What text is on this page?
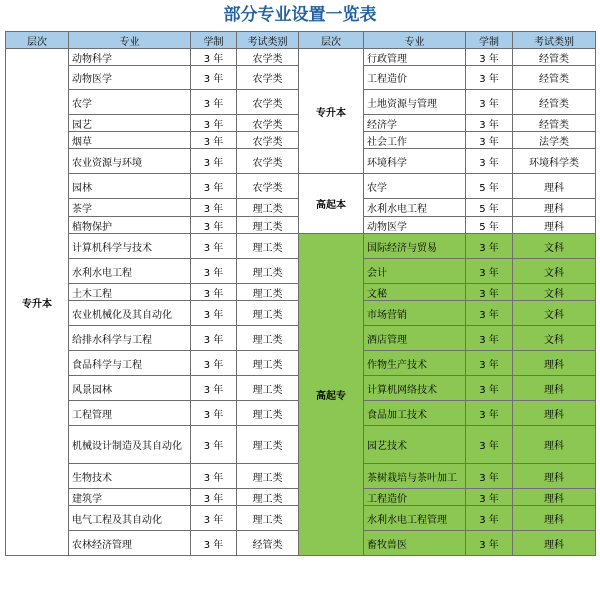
部分专业设置一览表
层次	专业	学制	考试类别	层次	专业	学制	考试类别
专升本	动物科学	3 年	农学类	专升本	行政管理	3 年	经管类
	动物医学	3 年	农学类		工程造价	3 年	经管类
	农学	3 年	农学类		土地资源与管理	3 年	经管类
	园艺	3 年	农学类		经济学	3 年	经管类
	烟草	3 年	农学类		社会工作	3 年	法学类
	农业资源与环境	3 年	农学类		环境科学	3 年	环境科学类
	园林	3 年	农学类	高起本	农学	5 年	理科
	茶学	3 年	理工类		水利水电工程	5 年	理科
	植物保护	3 年	理工类		动物医学	5 年	理科
	计算机科学与技术	3 年	理工类	高起专	国际经济与贸易	3 年	文科
	水利水电工程	3 年	理工类		会计	3 年	文科
	土木工程	3 年	理工类		文秘	3 年	文科
	农业机械化及其自动化	3 年	理工类		市场营销	3 年	文科
	给排水科学与工程	3 年	理工类		酒店管理	3 年	文科
	食品科学与工程	3 年	理工类		作物生产技术	3 年	理科
	风景园林	3 年	理工类		计算机网络技术	3 年	理科
	工程管理	3 年	理工类		食品加工技术	3 年	理科
	机械设计制造及其自动化	3 年	理工类		园艺技术	3 年	理科
	生物技术	3 年	理工类		茶树栽培与茶叶加工	3 年	理科
	建筑学	3 年	理工类		工程造价	3 年	理科
	电气工程及其自动化	3 年	理工类		水利水电工程管理	3 年	理科
	农林经济管理	3 年	经管类		畜牧兽医	3 年	理科
